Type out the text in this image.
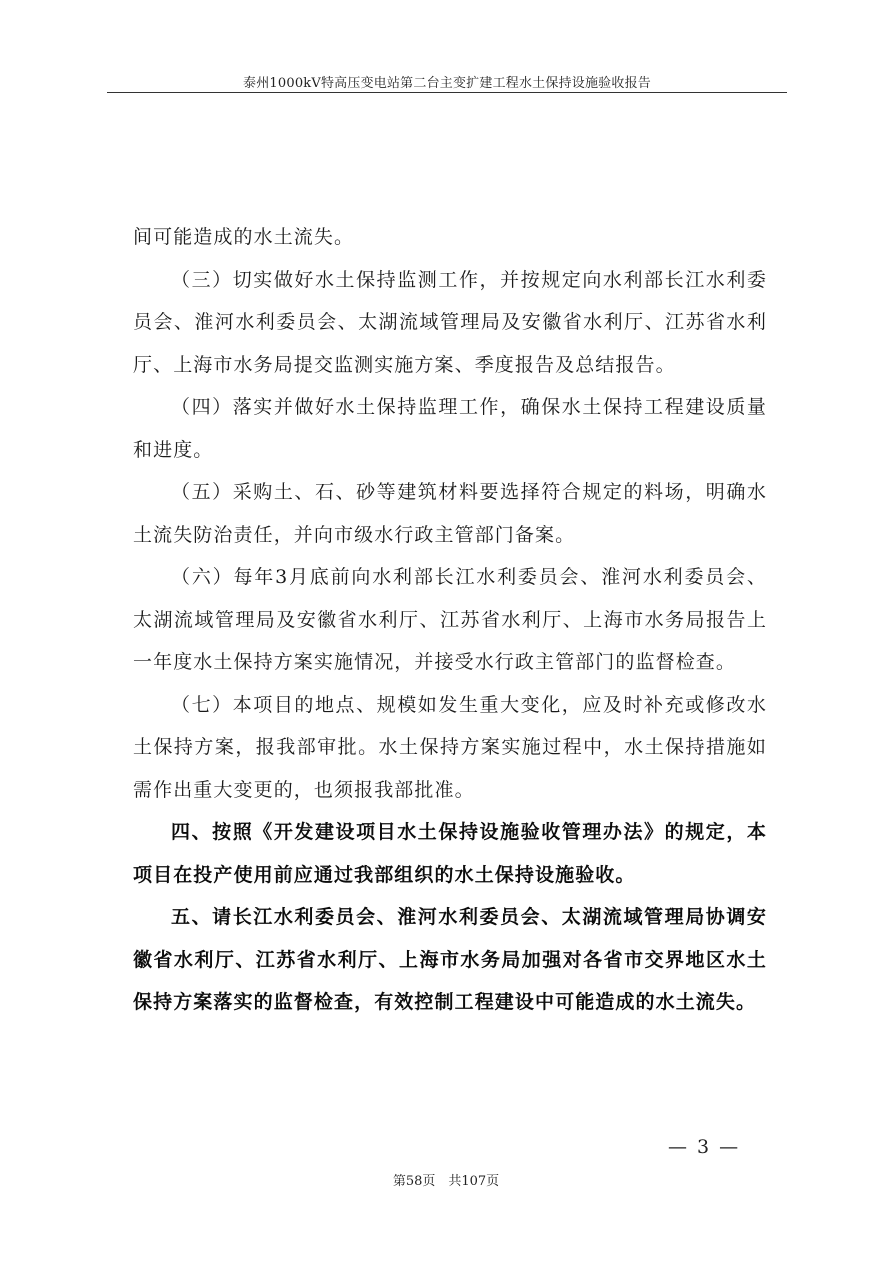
泰州1000kV特高压变电站第二台主变扩建工程水土保持设施验收报告

间可能造成的水土流失。

（三）切实做好水土保持监测工作，并按规定向水利部长江水利委员会、淮河水利委员会、太湖流域管理局及安徽省水利厅、江苏省水利厅、上海市水务局提交监测实施方案、季度报告及总结报告。

（四）落实并做好水土保持监理工作，确保水土保持工程建设质量和进度。

（五）采购土、石、砂等建筑材料要选择符合规定的料场，明确水土流失防治责任，并向市级水行政主管部门备案。

（六）每年3月底前向水利部长江水利委员会、淮河水利委员会、太湖流域管理局及安徽省水利厅、江苏省水利厅、上海市水务局报告上一年度水土保持方案实施情况，并接受水行政主管部门的监督检查。

（七）本项目的地点、规模如发生重大变化，应及时补充或修改水土保持方案，报我部审批。水土保持方案实施过程中，水土保持措施如需作出重大变更的，也须报我部批准。

四、按照《开发建设项目水土保持设施验收管理办法》的规定，本项目在投产使用前应通过我部组织的水土保持设施验收。

五、请长江水利委员会、淮河水利委员会、太湖流域管理局协调安徽省水利厅、江苏省水利厅、上海市水务局加强对各省市交界地区水土保持方案落实的监督检查，有效控制工程建设中可能造成的水土流失。

— 3 —
第58页　共107页
